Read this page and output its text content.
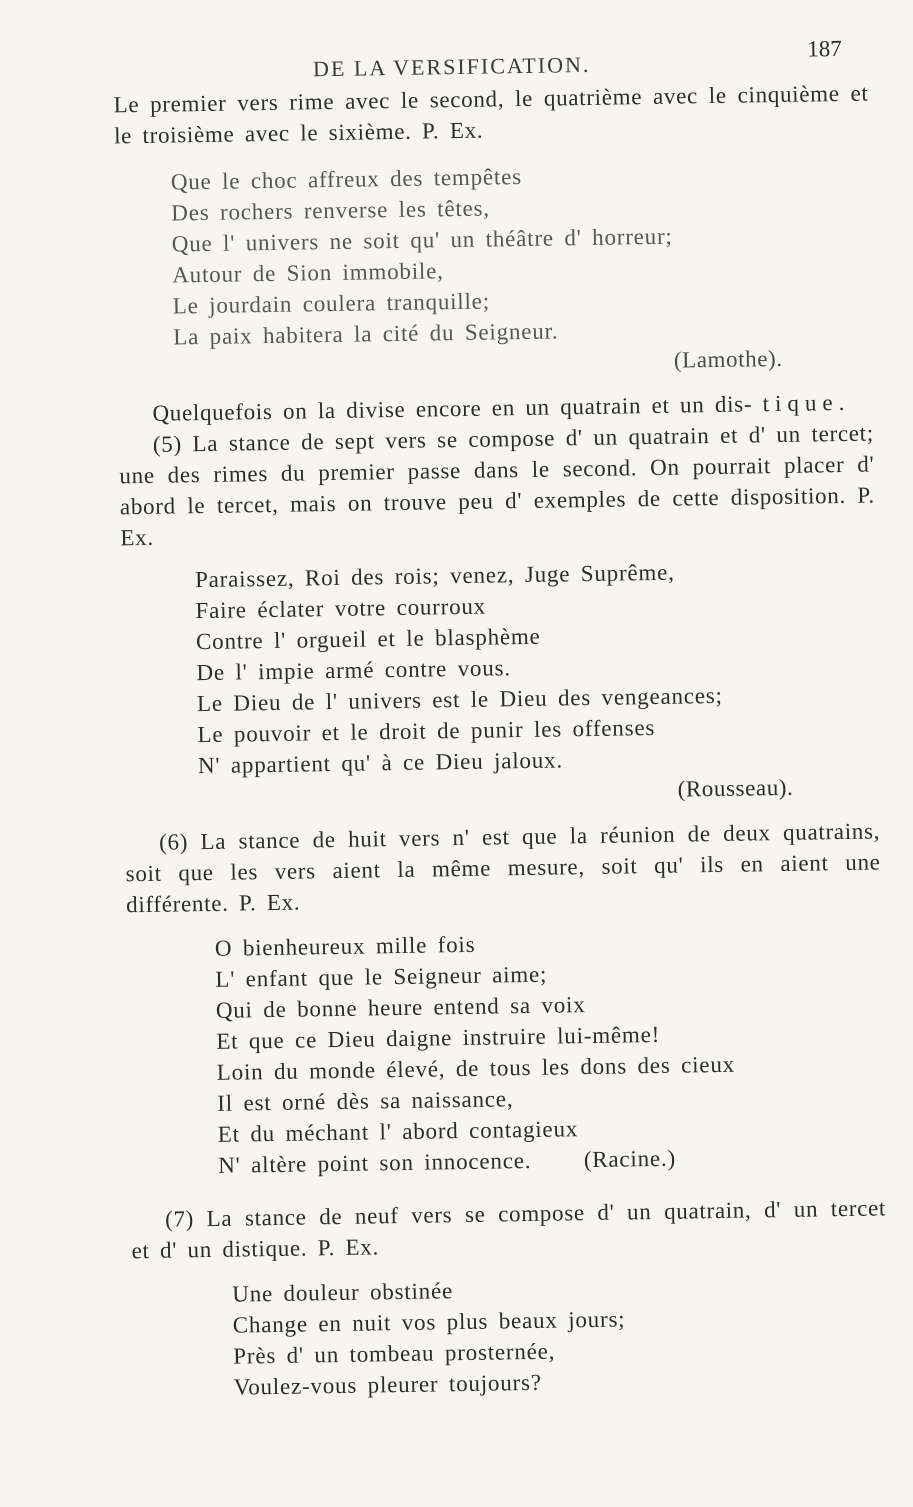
DE LA VERSIFICATION.
187

Le premier vers rime avec le second, le quatrième avec le cinquième et le troisième avec le sixième. P. Ex.

Que le choc affreux des tempêtes
Des rochers renverse les têtes,
Que l' univers ne soit qu' un théâtre d' horreur;
Autour de Sion immobile,
Le jourdain coulera tranquille;
La paix habitera la cité du Seigneur.
(Lamothe).

Quelquefois on la divise encore en un quatrain et un dis- tique.

(5) La stance de sept vers se compose d' un quatrain et d' un tercet; une des rimes du premier passe dans le second. On pourrait placer d' abord le tercet, mais on trouve peu d' exemples de cette disposition. P. Ex.

Paraissez, Roi des rois; venez, Juge Suprême,
Faire éclater votre courroux
Contre l' orgueil et le blasphème
De l' impie armé contre vous.
Le Dieu de l' univers est le Dieu des vengeances;
Le pouvoir et le droit de punir les offenses
N' appartient qu' à ce Dieu jaloux.
(Rousseau).

(6) La stance de huit vers n' est que la réunion de deux quatrains, soit que les vers aient la même mesure, soit qu' ils en aient une différente. P. Ex.

O bienheureux mille fois
L' enfant que le Seigneur aime;
Qui de bonne heure entend sa voix
Et que ce Dieu daigne instruire lui-même!
Loin du monde élevé, de tous les dons des cieux
Il est orné dès sa naissance,
Et du méchant l' abord contagieux
N' altère point son innocence. (Racine.)

(7) La stance de neuf vers se compose d' un quatrain, d' un tercet et d' un distique. P. Ex.

Une douleur obstinée
Change en nuit vos plus beaux jours;
Près d' un tombeau prosternée,
Voulez-vous pleurer toujours?
